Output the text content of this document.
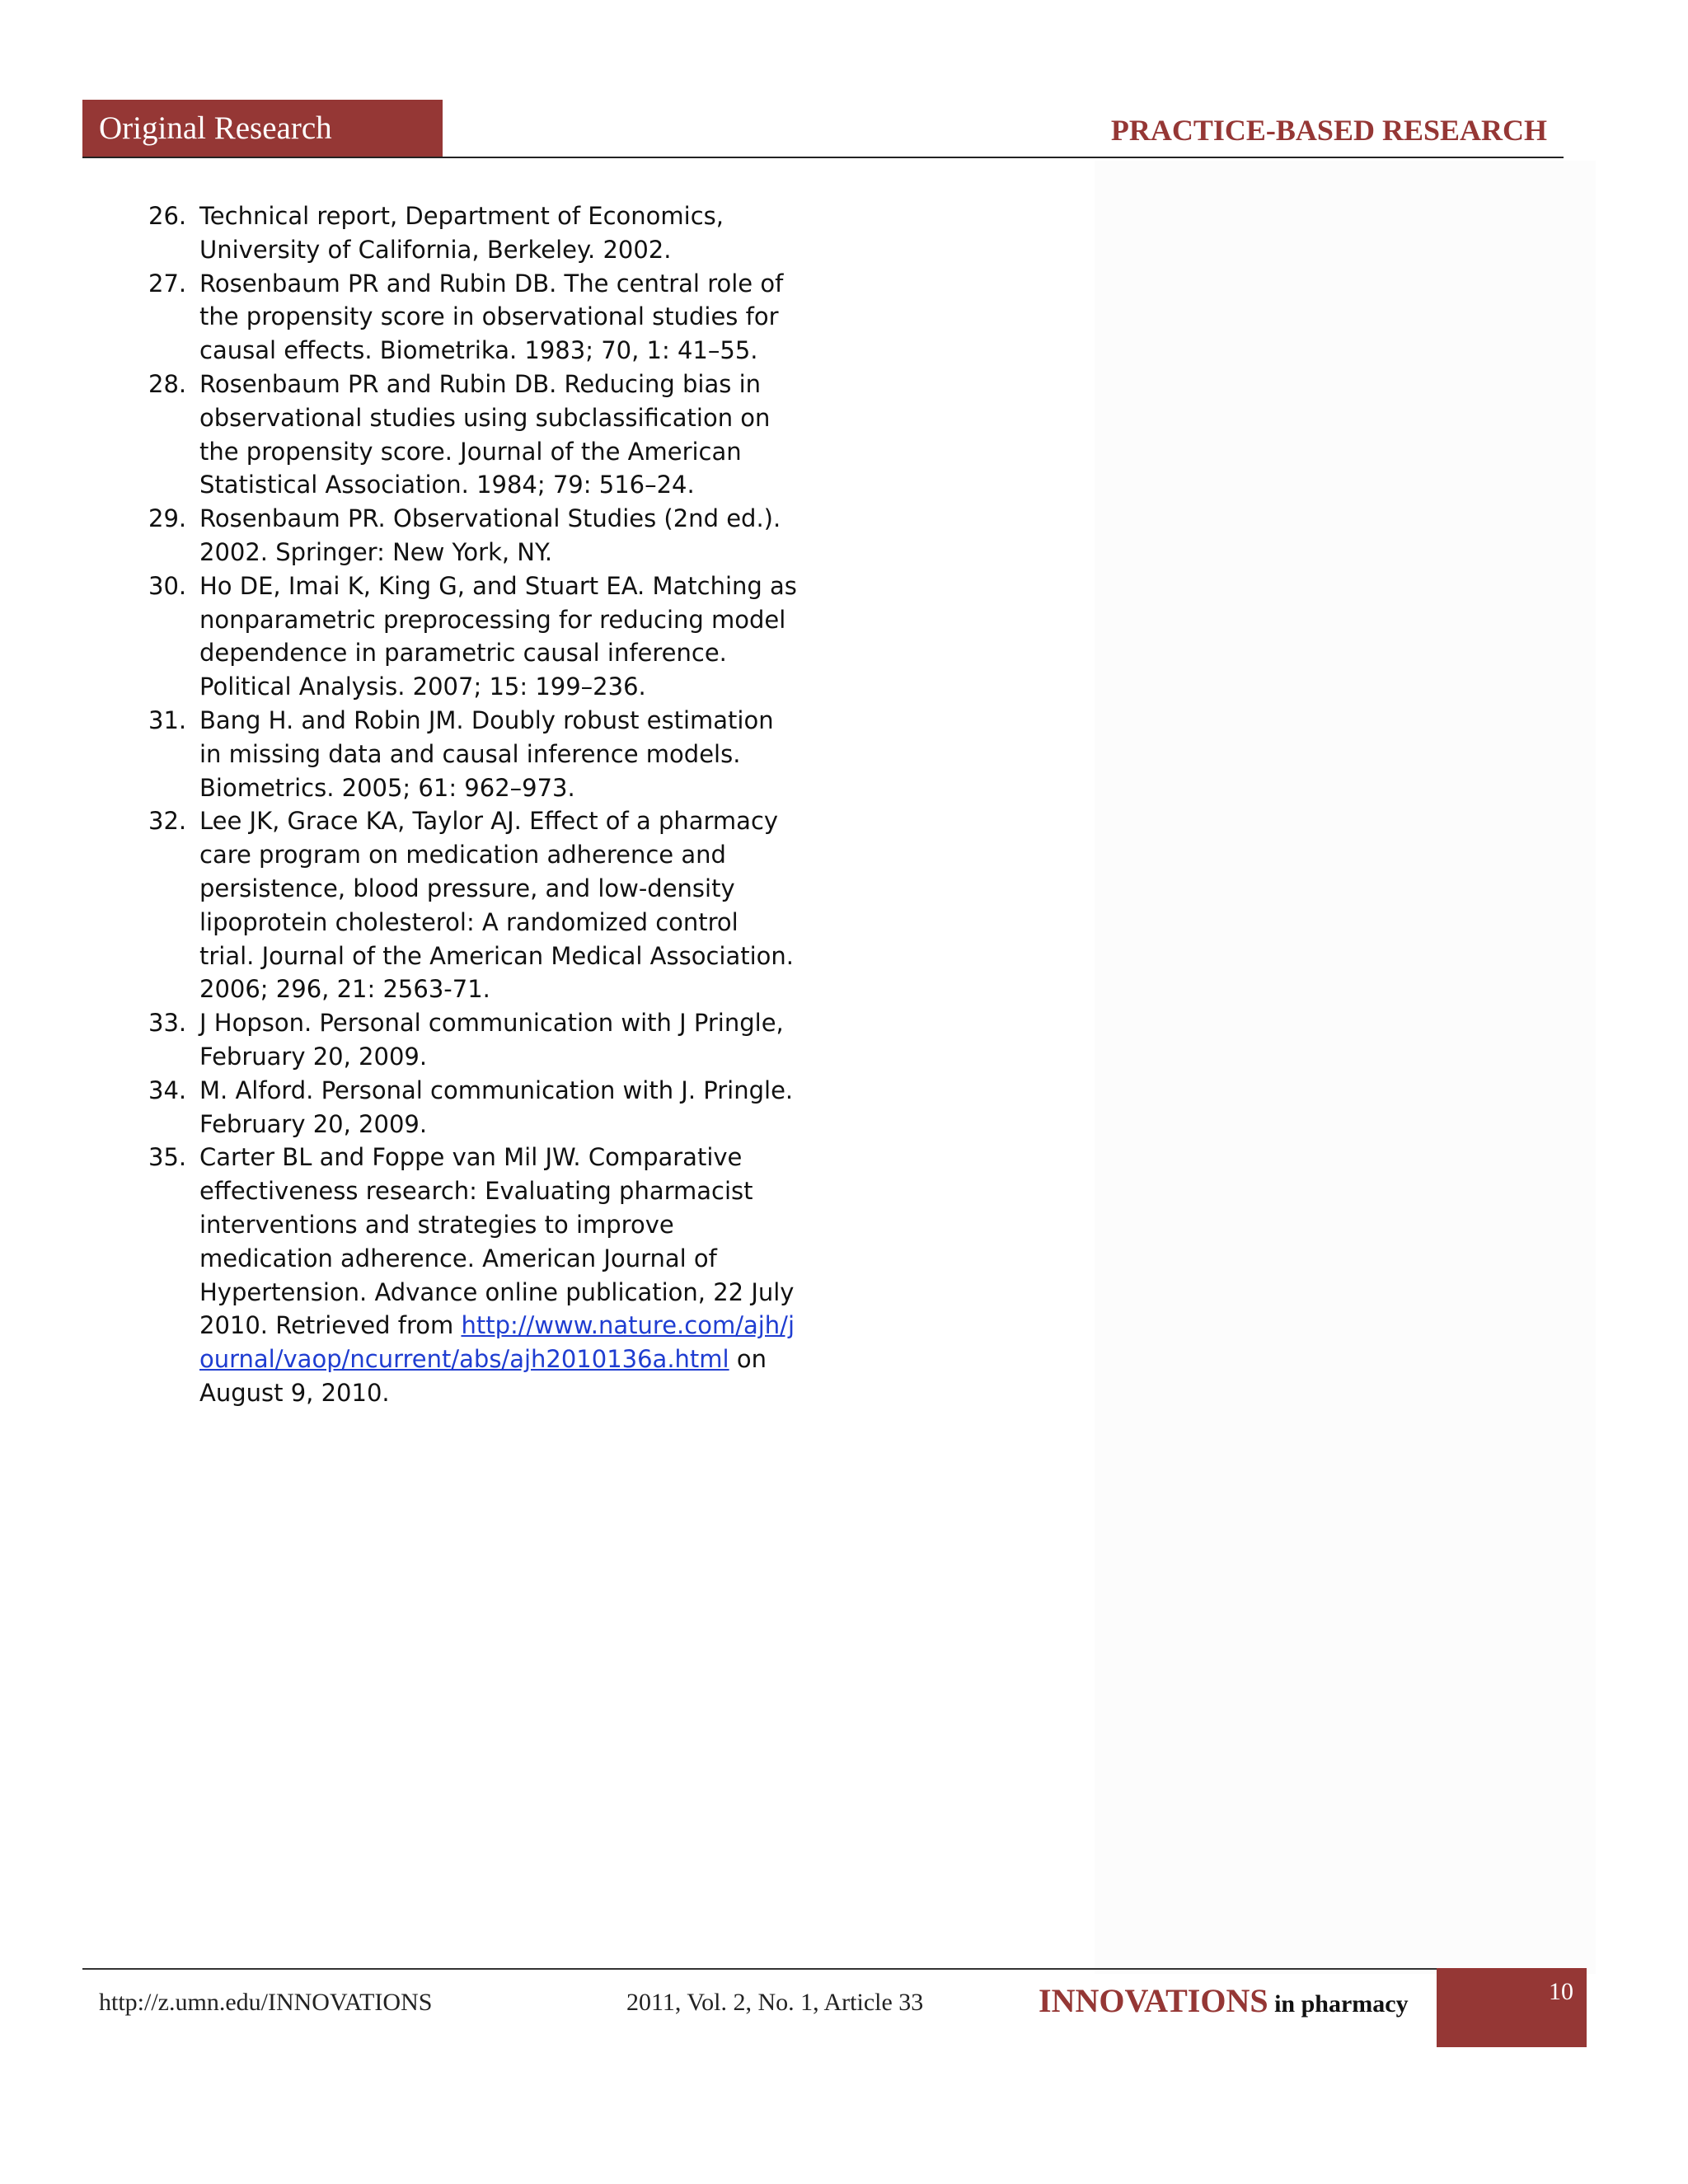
Original Research	PRACTICE-BASED RESEARCH
26. Technical report, Department of Economics, University of California, Berkeley. 2002.
27. Rosenbaum PR and Rubin DB. The central role of the propensity score in observational studies for causal effects. Biometrika. 1983; 70, 1: 41–55.
28. Rosenbaum PR and Rubin DB. Reducing bias in observational studies using subclassification on the propensity score. Journal of the American Statistical Association. 1984; 79: 516–24.
29. Rosenbaum PR. Observational Studies (2nd ed.). 2002. Springer: New York, NY.
30. Ho DE, Imai K, King G, and Stuart EA. Matching as nonparametric preprocessing for reducing model dependence in parametric causal inference. Political Analysis. 2007; 15: 199–236.
31. Bang H. and Robin JM. Doubly robust estimation in missing data and causal inference models. Biometrics. 2005; 61: 962–973.
32. Lee JK, Grace KA, Taylor AJ. Effect of a pharmacy care program on medication adherence and persistence, blood pressure, and low-density lipoprotein cholesterol: A randomized control trial. Journal of the American Medical Association. 2006; 296, 21: 2563-71.
33. J Hopson. Personal communication with J Pringle, February 20, 2009.
34. M. Alford. Personal communication with J. Pringle. February 20, 2009.
35. Carter BL and Foppe van Mil JW. Comparative effectiveness research: Evaluating pharmacist interventions and strategies to improve medication adherence. American Journal of Hypertension. Advance online publication, 22 July 2010. Retrieved from http://www.nature.com/ajh/journal/vaop/ncurrent/abs/ajh2010136a.html on August 9, 2010.
http://z.umn.edu/INNOVATIONS	2011, Vol. 2, No. 1, Article 33	INNOVATIONS in pharmacy	10
